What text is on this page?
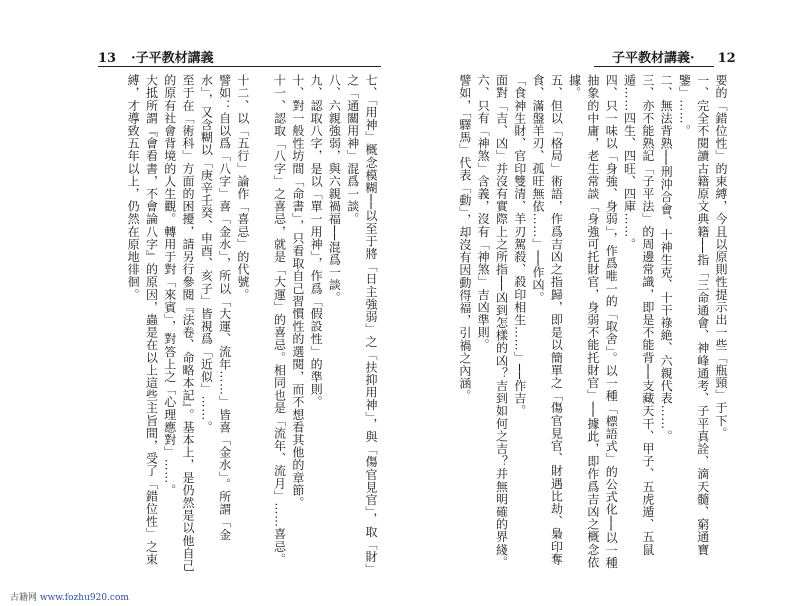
13 ·子平教材講義

七、「用神」概念模糊──以至于將「日主強弱」之「扶抑用神」，與「傷官見官」，取「財」之「通關用神」混爲一談。

八、六親強弱，與六親禍福──混爲一談。

九、認取八字，是以「單一用神」，作爲「假設性」的準則。

十、對一般性坊間「命書」，只看取自己習慣性的選閱，而不想看其他的章節。

十一、認取「八字」之喜忌，就是「大運」的喜忌。相同也是「流年、流月」……喜忌。

十二、以「五行」論作「喜忌」的代號。

譬如：自以爲「八字」喜「金水」，所以「大運、流年……」皆喜「金水」。所謂「金水」，又含糊以「庚辛壬癸、申酉、亥子」皆視爲「近似」……。

至于在「術科」方面的困擾，請另行參閱『法卷、命略本記』。基本上，是仍然是以他自己的原有社會背境的人生觀。轉用于對「來賓」，對答上之「心理應對」……。

大抵所謂『會看書，不會論八字』的原因，蟲是在以上這些主旨間，受了「錯位性」之束縛，才導致五年以上，仍然在原地徘徊。

子平教材講義· 12

要的「錯位性」的束縛，今且以原則性提示出一些「瓶頸」于下。

一、完全不閱讀古籍原文典籍──指「三命通會、神峰通考、子平真詮、滴天髓、窮通寶鑒」……。

二、無法背熟──刑沖合會、十神生克、十干祿絶、六親代表……。

三、亦不能熟記「子平法」的周邊常識，即是不能背──支藏天干、甲子、五虎遁、五鼠遁……四生、四旺、四庫……。

四、只一味以「身強、身弱」，作爲唯一的「取舍」。以一種「標語式」的公式化──以一種抽象的中庸，老生常談「身強可托財官，身弱不能托財官」──據此，即作爲吉凶之概念依據。

五、但以「格局」術語，作爲吉凶之指歸，即是以簡單之「傷官見官、財遇比劫、梟印奪食、滿盤羊刃、孤旺無依……」──作凶。

「食神生財、官印雙清、羊刃駕殺、殺印相生……」──作吉。

面對「吉、凶」并沒有實際上之所指──凶到怎樣的凶？吉到如何之吉？并無明確的界綫。

六、只有「神煞」含義，沒有「神煞」吉凶準則。

譬如，「驛馬」代表「動」，却沒有因動得福，引禍之內涵。

古籍网 www.fozhu920.com
